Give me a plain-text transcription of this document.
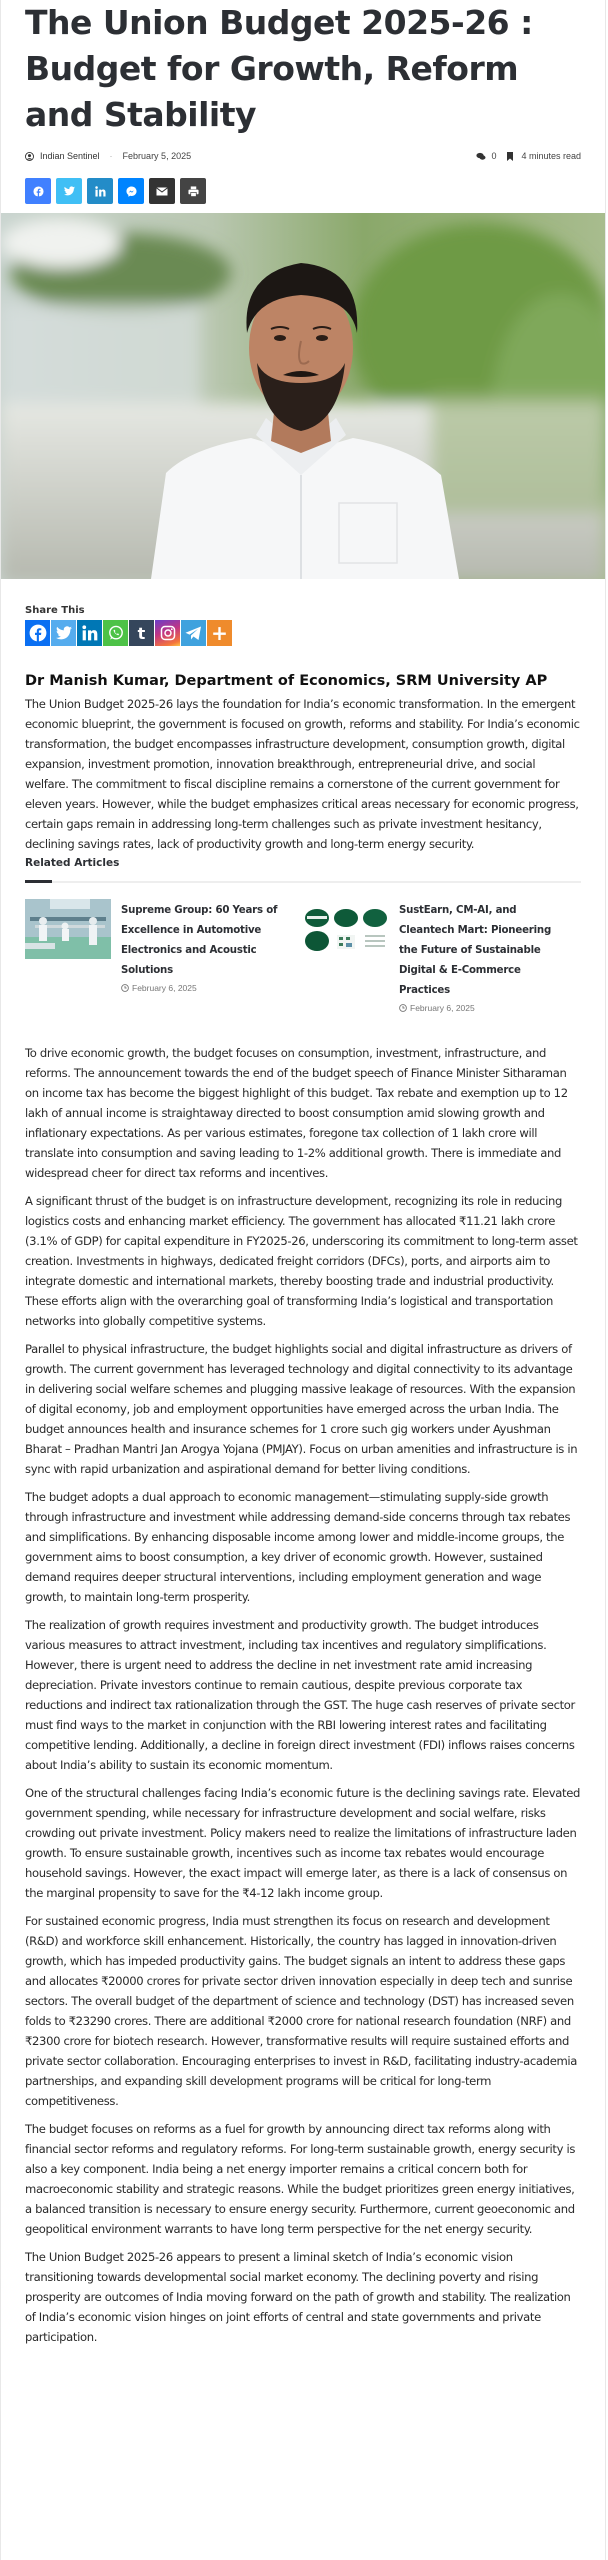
The Union Budget 2025-26 : Budget for Growth, Reform and Stability
Indian Sentinel · February 5, 2025	0	4 minutes read
Share This
t	+
Dr Manish Kumar, Department of Economics, SRM University AP

The Union Budget 2025-26 lays the foundation for India’s economic transformation. In the emergent economic blueprint, the government is focused on growth, reforms and stability. For India’s economic transformation, the budget encompasses infrastructure development, consumption growth, digital expansion, investment promotion, innovation breakthrough, entrepreneurial drive, and social welfare. The commitment to fiscal discipline remains a cornerstone of the current government for eleven years. However, while the budget emphasizes critical areas necessary for economic progress, certain gaps remain in addressing long-term challenges such as private investment hesitancy, declining savings rates, lack of productivity growth and long-term energy security.

Related Articles
Supreme Group: 60 Years of Excellence in Automotive Electronics and Acoustic Solutions
February 6, 2025
SustEarn, CM-AI, and Cleantech Mart: Pioneering the Future of Sustainable Digital & E-Commerce Practices
February 6, 2025

To drive economic growth, the budget focuses on consumption, investment, infrastructure, and reforms. The announcement towards the end of the budget speech of Finance Minister Sitharaman on income tax has become the biggest highlight of this budget. Tax rebate and exemption up to 12 lakh of annual income is straightaway directed to boost consumption amid slowing growth and inflationary expectations. As per various estimates, foregone tax collection of 1 lakh crore will translate into consumption and saving leading to 1-2% additional growth. There is immediate and widespread cheer for direct tax reforms and incentives.

A significant thrust of the budget is on infrastructure development, recognizing its role in reducing logistics costs and enhancing market efficiency. The government has allocated ₹11.21 lakh crore (3.1% of GDP) for capital expenditure in FY2025-26, underscoring its commitment to long-term asset creation. Investments in highways, dedicated freight corridors (DFCs), ports, and airports aim to integrate domestic and international markets, thereby boosting trade and industrial productivity. These efforts align with the overarching goal of transforming India’s logistical and transportation networks into globally competitive systems.

Parallel to physical infrastructure, the budget highlights social and digital infrastructure as drivers of growth. The current government has leveraged technology and digital connectivity to its advantage in delivering social welfare schemes and plugging massive leakage of resources. With the expansion of digital economy, job and employment opportunities have emerged across the urban India. The budget announces health and insurance schemes for 1 crore such gig workers under Ayushman Bharat – Pradhan Mantri Jan Arogya Yojana (PMJAY). Focus on urban amenities and infrastructure is in sync with rapid urbanization and aspirational demand for better living conditions.

The budget adopts a dual approach to economic management—stimulating supply-side growth through infrastructure and investment while addressing demand-side concerns through tax rebates and simplifications. By enhancing disposable income among lower and middle-income groups, the government aims to boost consumption, a key driver of economic growth. However, sustained demand requires deeper structural interventions, including employment generation and wage growth, to maintain long-term prosperity.

The realization of growth requires investment and productivity growth. The budget introduces various measures to attract investment, including tax incentives and regulatory simplifications. However, there is urgent need to address the decline in net investment rate amid increasing depreciation. Private investors continue to remain cautious, despite previous corporate tax reductions and indirect tax rationalization through the GST. The huge cash reserves of private sector must find ways to the market in conjunction with the RBI lowering interest rates and facilitating competitive lending. Additionally, a decline in foreign direct investment (FDI) inflows raises concerns about India’s ability to sustain its economic momentum.

One of the structural challenges facing India’s economic future is the declining savings rate. Elevated government spending, while necessary for infrastructure development and social welfare, risks crowding out private investment. Policy makers need to realize the limitations of infrastructure laden growth. To ensure sustainable growth, incentives such as income tax rebates would encourage household savings. However, the exact impact will emerge later, as there is a lack of consensus on the marginal propensity to save for the ₹4-12 lakh income group.

For sustained economic progress, India must strengthen its focus on research and development (R&D) and workforce skill enhancement. Historically, the country has lagged in innovation-driven growth, which has impeded productivity gains. The budget signals an intent to address these gaps and allocates ₹20000 crores for private sector driven innovation especially in deep tech and sunrise sectors. The overall budget of the department of science and technology (DST) has increased seven folds to ₹23290 crores. There are additional ₹2000 crore for national research foundation (NRF) and ₹2300 crore for biotech research. However, transformative results will require sustained efforts and private sector collaboration. Encouraging enterprises to invest in R&D, facilitating industry-academia partnerships, and expanding skill development programs will be critical for long-term competitiveness.

The budget focuses on reforms as a fuel for growth by announcing direct tax reforms along with financial sector reforms and regulatory reforms. For long-term sustainable growth, energy security is also a key component. India being a net energy importer remains a critical concern both for macroeconomic stability and strategic reasons. While the budget prioritizes green energy initiatives, a balanced transition is necessary to ensure energy security. Furthermore, current geoeconomic and geopolitical environment warrants to have long term perspective for the net energy security.

The Union Budget 2025-26 appears to present a liminal sketch of India’s economic vision transitioning towards developmental social market economy. The declining poverty and rising prosperity are outcomes of India moving forward on the path of growth and stability. The realization of India’s economic vision hinges on joint efforts of central and state governments and private participation.
